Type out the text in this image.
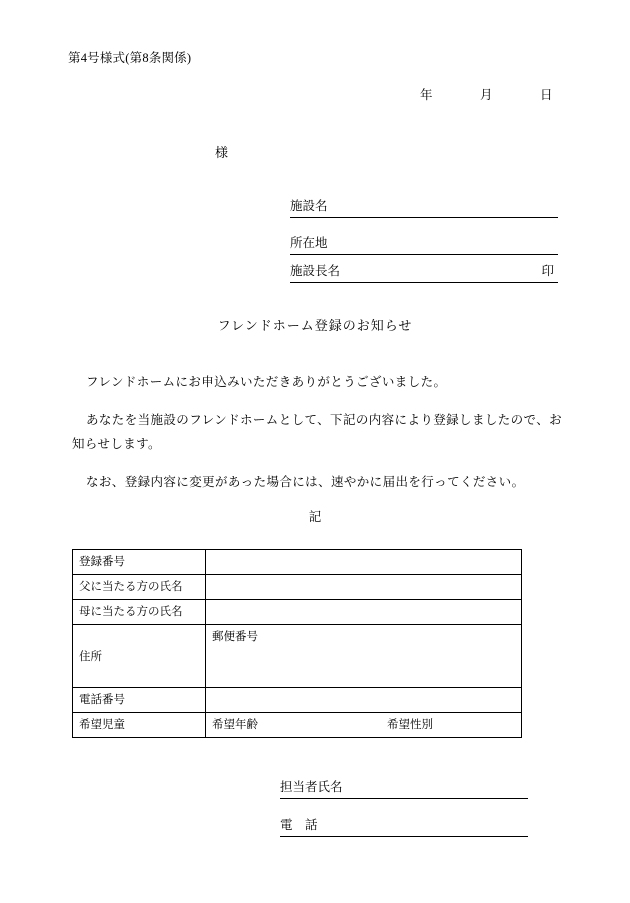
第4号様式(第8条関係)
年	月	日
様
施設名
所在地
施設長名	印
フレンドホーム登録のお知らせ
フレンドホームにお申込みいただきありがとうございました。
あなたを当施設のフレンドホームとして、下記の内容により登録しましたので、お知らせします。
なお、登録内容に変更があった場合には、速やかに届出を行ってください。
記
登録番号	
父に当たる方の氏名	
母に当たる方の氏名	
住所	郵便番号
電話番号	
希望児童	希望年齢 希望性別
担当者氏名
電　話
